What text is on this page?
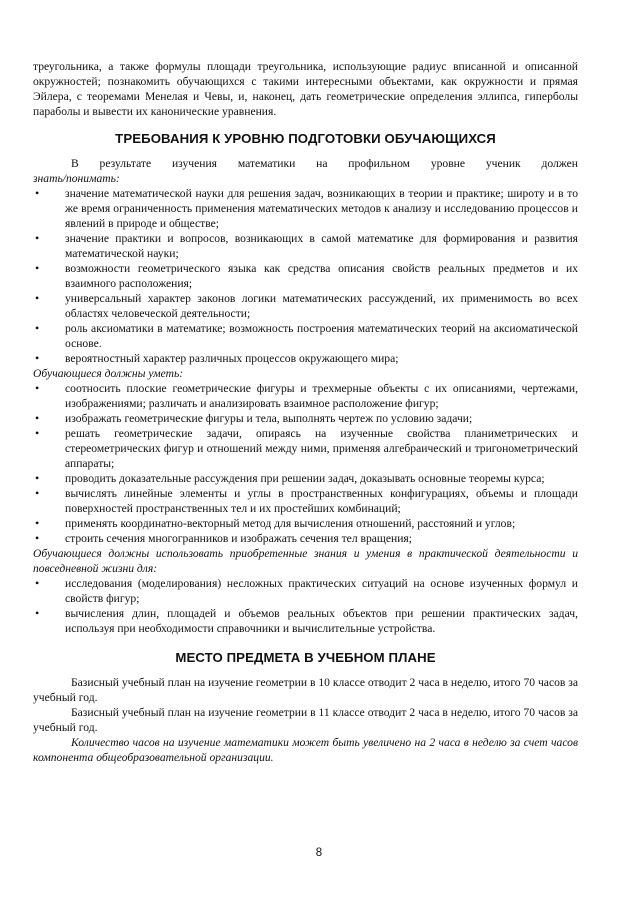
треугольника, а также формулы площади треугольника, использующие радиус вписанной и описанной окружностей; познакомить обучающихся с такими интересными объектами, как окружности и прямая Эйлера, с теоремами Менелая и Чевы, и, наконец, дать геометрические определения эллипса, гиперболы параболы и вывести их канонические уравнения.

ТРЕБОВАНИЯ К УРОВНЮ ПОДГОТОВКИ ОБУЧАЮЩИХСЯ

В результате изучения математики на профильном уровне ученик должен

знать/понимать:

• значение математической науки для решения задач, возникающих в теории и практике; широту и в то же время ограниченность применения математических методов к анализу и исследованию процессов и явлений в природе и обществе;
• значение практики и вопросов, возникающих в самой математике для формирования и развития математической науки;
• возможности геометрического языка как средства описания свойств реальных предметов и их взаимного расположения;
• универсальный характер законов логики математических рассуждений, их применимость во всех областях человеческой деятельности;
• роль аксиоматики в математике; возможность построения математических теорий на аксиоматической основе.
• вероятностный характер различных процессов окружающего мира;

Обучающиеся должны уметь:

• соотносить плоские геометрические фигуры и трехмерные объекты с их описаниями, чертежами, изображениями; различать и анализировать взаимное расположение фигур;
• изображать геометрические фигуры и тела, выполнять чертеж по условию задачи;
• решать геометрические задачи, опираясь на изученные свойства планиметрических и стереометрических фигур и отношений между ними, применяя алгебраический и тригонометрический аппараты;
• проводить доказательные рассуждения при решении задач, доказывать основные теоремы курса;
• вычислять линейные элементы и углы в пространственных конфигурациях, объемы и площади поверхностей пространственных тел и их простейших комбинаций;
• применять координатно-векторный метод для вычисления отношений, расстояний и углов;
• строить сечения многогранников и изображать сечения тел вращения;

Обучающиеся должны использовать приобретенные знания и умения в практической деятельности и повседневной жизни для:

• исследования (моделирования) несложных практических ситуаций на основе изученных формул и свойств фигур;
• вычисления длин, площадей и объемов реальных объектов при решении практических задач, используя при необходимости справочники и вычислительные устройства.
МЕСТО ПРЕДМЕТА В УЧЕБНОМ ПЛАНЕ

Базисный учебный план на изучение геометрии в 10 классе отводит 2 часа в неделю, итого 70 часов за учебный год.

Базисный учебный план на изучение геометрии в 11 классе отводит 2 часа в неделю, итого 70 часов за учебный год.

Количество часов на изучение математики может быть увеличено на 2 часа в неделю за счет часов компонента общеобразовательной организации.

8
